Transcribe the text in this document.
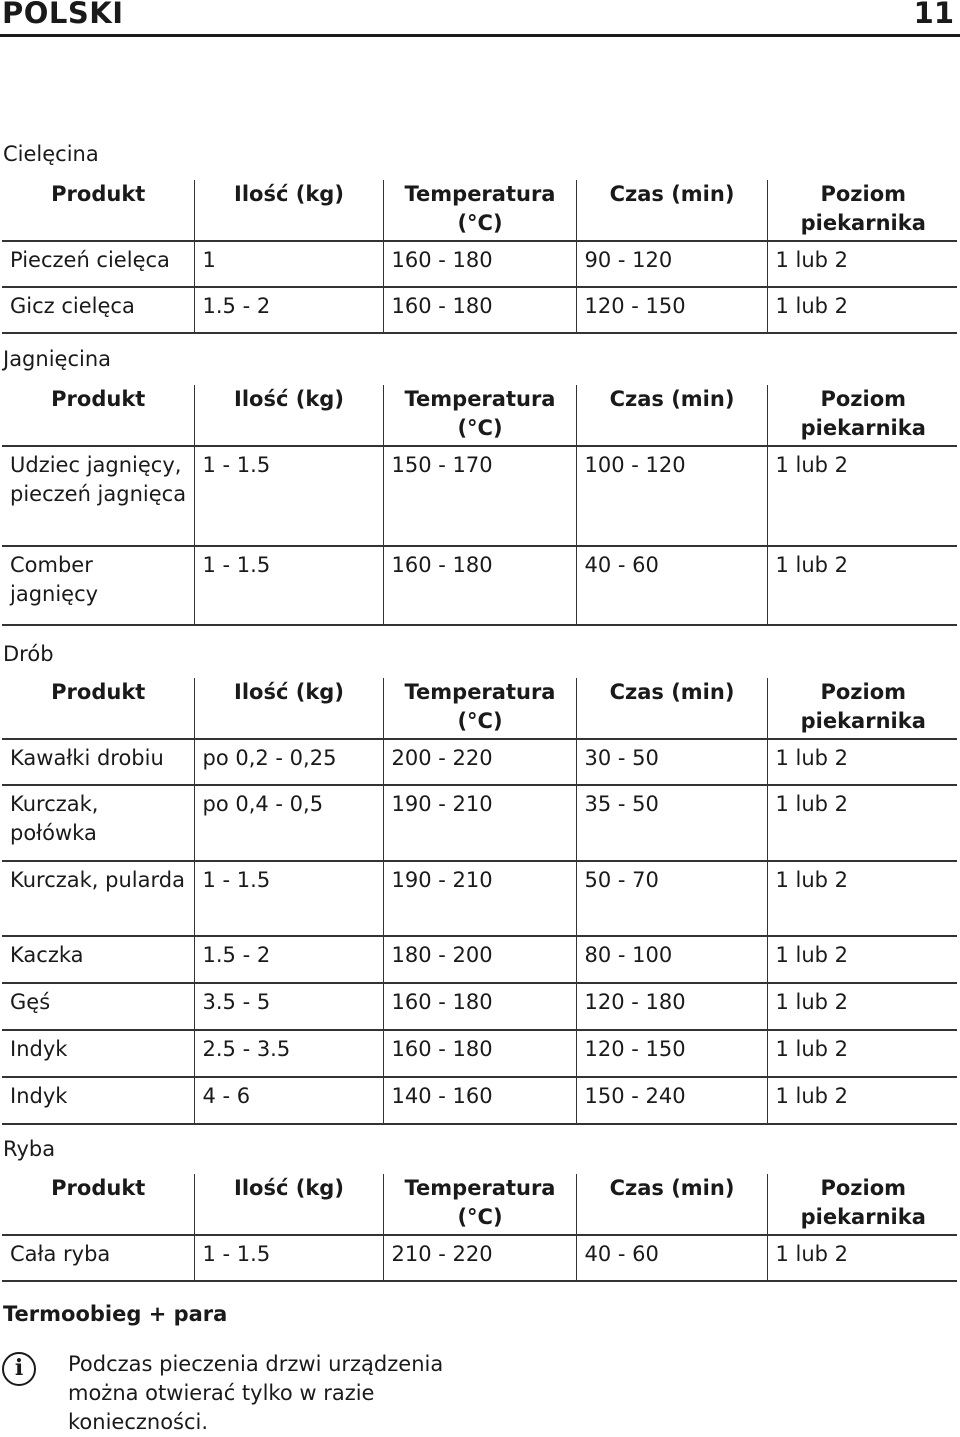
POLSKI	11
Cielęcina
Produkt	Ilość (kg)	Temperatura (°C)	Czas (min)	Poziom piekarnika
Pieczeń cielęca	1	160 - 180	90 - 120	1 lub 2
Gicz cielęca	1.5 - 2	160 - 180	120 - 150	1 lub 2
Jagnięcina
Produkt	Ilość (kg)	Temperatura (°C)	Czas (min)	Poziom piekarnika
Udziec jagnięcy, pieczeń jagnięca	1 - 1.5	150 - 170	100 - 120	1 lub 2
Comber jagnięcy	1 - 1.5	160 - 180	40 - 60	1 lub 2
Drób
Produkt	Ilość (kg)	Temperatura (°C)	Czas (min)	Poziom piekarnika
Kawałki drobiu	po 0,2 - 0,25	200 - 220	30 - 50	1 lub 2
Kurczak, połówka	po 0,4 - 0,5	190 - 210	35 - 50	1 lub 2
Kurczak, pularda	1 - 1.5	190 - 210	50 - 70	1 lub 2
Kaczka	1.5 - 2	180 - 200	80 - 100	1 lub 2
Gęś	3.5 - 5	160 - 180	120 - 180	1 lub 2
Indyk	2.5 - 3.5	160 - 180	120 - 150	1 lub 2
Indyk	4 - 6	140 - 160	150 - 240	1 lub 2
Ryba
Produkt	Ilość (kg)	Temperatura (°C)	Czas (min)	Poziom piekarnika
Cała ryba	1 - 1.5	210 - 220	40 - 60	1 lub 2
Termoobieg + para
i	Podczas pieczenia drzwi urządzenia można otwierać tylko w razie konieczności.
